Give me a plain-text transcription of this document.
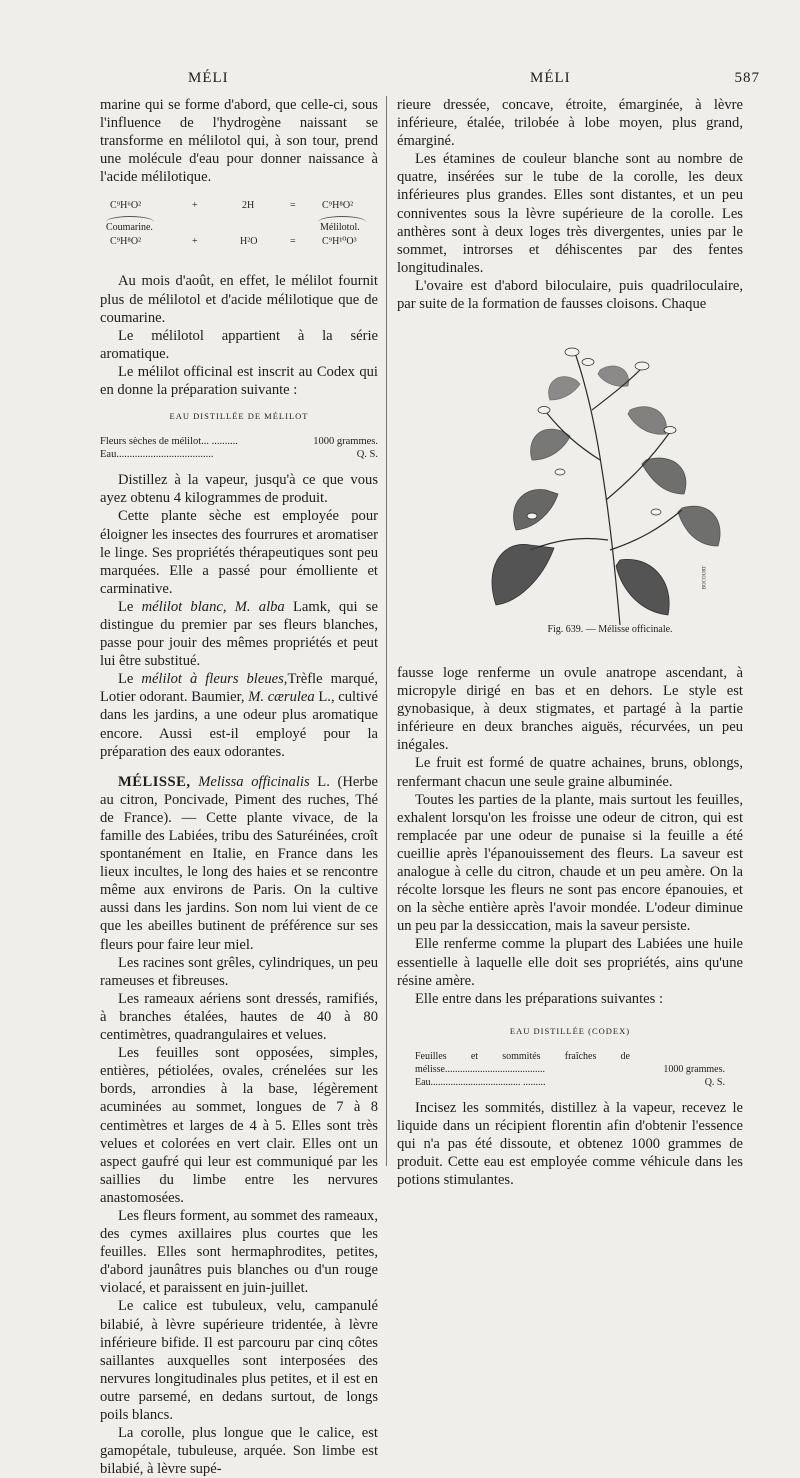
MÉLI	MÉLI	587

marine qui se forme d'abord, que celle-ci, sous l'influence de l'hydrogène naissant se transforme en mélilotol qui, à son tour, prend une molécule d'eau pour donner naissance à l'acide mélilotique.

C⁹H⁶O²	+	2H	=	C⁹H⁸O²
Coumarine.	Mélilotol.
C⁹H⁸O²	+	H²O	=	C⁹H¹⁰O³

Au mois d'août, en effet, le mélilot fournit plus de mélilotol et d'acide mélilotique que de coumarine.

Le mélilotol appartient à la série aromatique.

Le mélilot officinal est inscrit au Codex qui en donne la préparation suivante :

EAU DISTILLÉE DE MÉLILOT
Fleurs sèches de mélilot... ..........	1000 grammes.
Eau.....................................	Q. S.

Distillez à la vapeur, jusqu'à ce que vous ayez obtenu 4 kilogrammes de produit.

Cette plante sèche est employée pour éloigner les insectes des fourrures et aromatiser le linge. Ses propriétés thérapeutiques sont peu marquées. Elle a passé pour émolliente et carminative.

Le mélilot blanc, M. alba Lamk, qui se distingue du premier par ses fleurs blanches, passe pour jouir des mêmes propriétés et peut lui être substitué.

Le mélilot à fleurs bleues,Trèfle marqué, Lotier odorant. Baumier, M. cærulea L., cultivé dans les jardins, a une odeur plus aromatique encore. Aussi est-il employé pour la préparation des eaux odorantes.

MÉLISSE, Melissa officinalis L. (Herbe au citron, Poncivade, Piment des ruches, Thé de France). — Cette plante vivace, de la famille des Labiées, tribu des Saturéinées, croît spontanément en Italie, en France dans les lieux incultes, le long des haies et se rencontre même aux environs de Paris. On la cultive aussi dans les jardins. Son nom lui vient de ce que les abeilles butinent de préférence sur ses fleurs pour faire leur miel.

Les racines sont grêles, cylindriques, un peu rameuses et fibreuses.

Les rameaux aériens sont dressés, ramifiés, à branches étalées, hautes de 40 à 80 centimètres, quadrangulaires et velues.

Les feuilles sont opposées, simples, entières, pétiolées, ovales, crénelées sur les bords, arrondies à la base, légèrement acuminées au sommet, longues de 7 à 8 centimètres et larges de 4 à 5. Elles sont très velues et colorées en vert clair. Elles ont un aspect gaufré qui leur est communiqué par les saillies du limbe entre les nervures anastomosées.

Les fleurs forment, au sommet des rameaux, des cymes axillaires plus courtes que les feuilles. Elles sont hermaphrodites, petites, d'abord jaunâtres puis blanches ou d'un rouge violacé, et paraissent en juin-juillet.

Le calice est tubuleux, velu, campanulé bilabié, à lèvre supérieure tridentée, à lèvre inférieure bifide. Il est parcouru par cinq côtes saillantes auxquelles sont interposées des nervures longitudinales plus petites, et il est en outre parsemé, en dedans surtout, de longs poils blancs.

La corolle, plus longue que le calice, est gamopétale, tubuleuse, arquée. Son limbe est bilabié, à lèvre supé-

rieure dressée, concave, étroite, émarginée, à lèvre inférieure, étalée, trilobée à lobe moyen, plus grand, émarginé.

Les étamines de couleur blanche sont au nombre de quatre, insérées sur le tube de la corolle, les deux inférieures plus grandes. Elles sont distantes, et un peu conniventes sous la lèvre supérieure de la corolle. Les anthères sont à deux loges très divergentes, unies par le sommet, introrses et déhiscentes par des fentes longitudinales.

L'ovaire est d'abord biloculaire, puis quadriloculaire, par suite de la formation de fausses cloisons. Chaque

BOCOURT
Fig. 639. — Mélisse officinale.

fausse loge renferme un ovule anatrope ascendant, à micropyle dirigé en bas et en dehors. Le style est gynobasique, à deux stigmates, et partagé à la partie inférieure en deux branches aiguës, récurvées, un peu inégales.

Le fruit est formé de quatre achaines, bruns, oblongs, renfermant chacun une seule graine albuminée.

Toutes les parties de la plante, mais surtout les feuilles, exhalent lorsqu'on les froisse une odeur de citron, qui est remplacée par une odeur de punaise si la feuille a été cueillie après l'épanouissement des fleurs. La saveur est analogue à celle du citron, chaude et un peu amère. On la récolte lorsque les fleurs ne sont pas encore épanouies, et on la sèche entière après l'avoir mondée. L'odeur diminue un peu par la dessiccation, mais la saveur persiste.

Elle renferme comme la plupart des Labiées une huile essentielle à laquelle elle doit ses propriétés, ains qu'une résine amère.

Elle entre dans les préparations suivantes :

EAU DISTILLÉE (CODEX)
Feuilles et sommités fraîches de mélisse........................................	1000 grammes.
Eau.................................... .........	Q. S.

Incisez les sommités, distillez à la vapeur, recevez le liquide dans un récipient florentin afin d'obtenir l'essence qui n'a pas été dissoute, et obtenez 1000 grammes de produit. Cette eau est employée comme véhicule dans les potions stimulantes.
